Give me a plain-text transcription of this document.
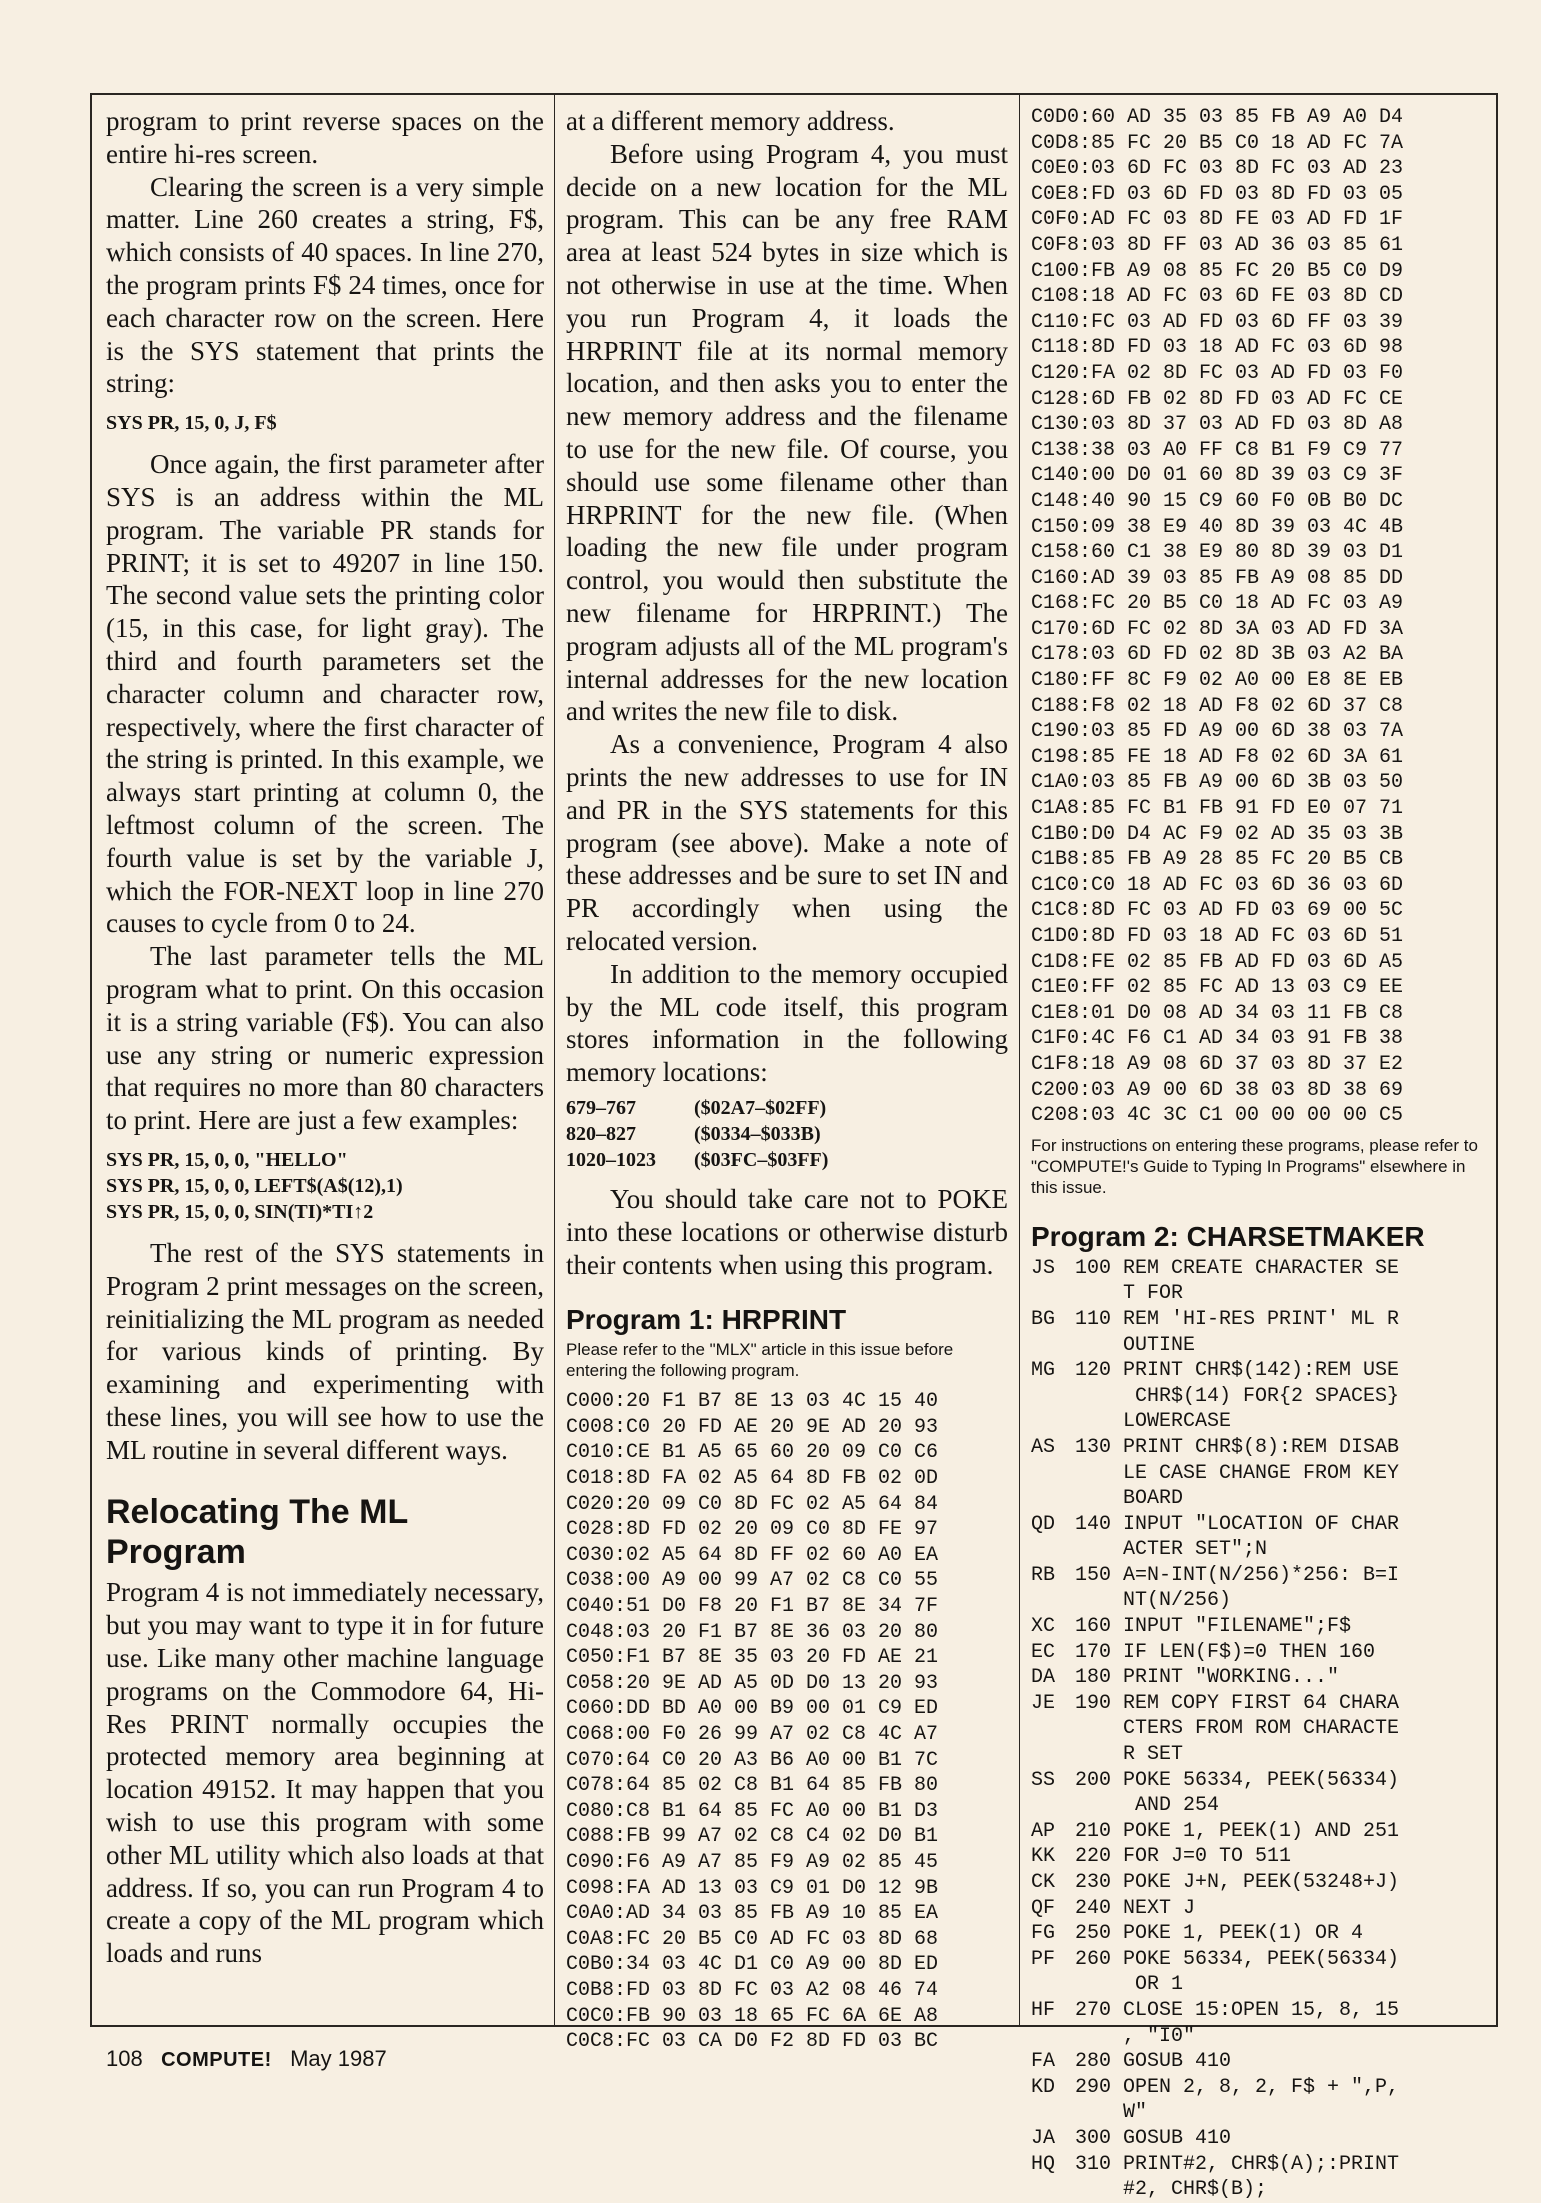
program to print reverse spaces on the entire hi-res screen.

Clearing the screen is a very simple matter. Line 260 creates a string, F$, which consists of 40 spaces. In line 270, the program prints F$ 24 times, once for each character row on the screen. Here is the SYS statement that prints the string:

SYS PR, 15, 0, J, F$

Once again, the first parameter after SYS is an address within the ML program. The variable PR stands for PRINT; it is set to 49207 in line 150. The second value sets the printing color (15, in this case, for light gray). The third and fourth parameters set the character column and character row, respectively, where the first character of the string is printed. In this example, we always start printing at column 0, the leftmost column of the screen. The fourth value is set by the variable J, which the FOR-NEXT loop in line 270 causes to cycle from 0 to 24.

The last parameter tells the ML program what to print. On this occasion it is a string variable (F$). You can also use any string or numeric expression that requires no more than 80 characters to print. Here are just a few examples:

SYS PR, 15, 0, 0, "HELLO"
SYS PR, 15, 0, 0, LEFT$(A$(12),1)
SYS PR, 15, 0, 0, SIN(TI)*TI↑2

The rest of the SYS statements in Program 2 print messages on the screen, reinitializing the ML program as needed for various kinds of printing. By examining and experimenting with these lines, you will see how to use the ML routine in several different ways.

Relocating The ML Program

Program 4 is not immediately necessary, but you may want to type it in for future use. Like many other machine language programs on the Commodore 64, Hi-Res PRINT normally occupies the protected memory area beginning at location 49152. It may happen that you wish to use this program with some other ML utility which also loads at that address. If so, you can run Program 4 to create a copy of the ML program which loads and runs

at a different memory address.

Before using Program 4, you must decide on a new location for the ML program. This can be any free RAM area at least 524 bytes in size which is not otherwise in use at the time. When you run Program 4, it loads the HRPRINT file at its normal memory location, and then asks you to enter the new memory address and the filename to use for the new file. Of course, you should use some filename other than HRPRINT for the new file. (When loading the new file under program control, you would then substitute the new filename for HRPRINT.) The program adjusts all of the ML program's internal addresses for the new location and writes the new file to disk.

As a convenience, Program 4 also prints the new addresses to use for IN and PR in the SYS statements for this program (see above). Make a note of these addresses and be sure to set IN and PR accordingly when using the relocated version.

In addition to the memory occupied by the ML code itself, this program stores information in the following memory locations:

679–767	($02A7–$02FF)
820–827	($0334–$033B)
1020–1023	($03FC–$03FF)

You should take care not to POKE into these locations or otherwise disturb their contents when using this program.

Program 1: HRPRINT
Please refer to the "MLX" article in this issue before entering the following program.
C000:20 F1 B7 8E 13 03 4C 15 40
C008:C0 20 FD AE 20 9E AD 20 93
C010:CE B1 A5 65 60 20 09 C0 C6
C018:8D FA 02 A5 64 8D FB 02 0D
C020:20 09 C0 8D FC 02 A5 64 84
C028:8D FD 02 20 09 C0 8D FE 97
C030:02 A5 64 8D FF 02 60 A0 EA
C038:00 A9 00 99 A7 02 C8 C0 55
C040:51 D0 F8 20 F1 B7 8E 34 7F
C048:03 20 F1 B7 8E 36 03 20 80
C050:F1 B7 8E 35 03 20 FD AE 21
C058:20 9E AD A5 0D D0 13 20 93
C060:DD BD A0 00 B9 00 01 C9 ED
C068:00 F0 26 99 A7 02 C8 4C A7
C070:64 C0 20 A3 B6 A0 00 B1 7C
C078:64 85 02 C8 B1 64 85 FB 80
C080:C8 B1 64 85 FC A0 00 B1 D3
C088:FB 99 A7 02 C8 C4 02 D0 B1
C090:F6 A9 A7 85 F9 A9 02 85 45
C098:FA AD 13 03 C9 01 D0 12 9B
C0A0:AD 34 03 85 FB A9 10 85 EA
C0A8:FC 20 B5 C0 AD FC 03 8D 68
C0B0:34 03 4C D1 C0 A9 00 8D ED
C0B8:FD 03 8D FC 03 A2 08 46 74
C0C0:FB 90 03 18 65 FC 6A 6E A8
C0C8:FC 03 CA D0 F2 8D FD 03 BC
C0D0:60 AD 35 03 85 FB A9 A0 D4
C0D8:85 FC 20 B5 C0 18 AD FC 7A
C0E0:03 6D FC 03 8D FC 03 AD 23
C0E8:FD 03 6D FD 03 8D FD 03 05
C0F0:AD FC 03 8D FE 03 AD FD 1F
C0F8:03 8D FF 03 AD 36 03 85 61
C100:FB A9 08 85 FC 20 B5 C0 D9
C108:18 AD FC 03 6D FE 03 8D CD
C110:FC 03 AD FD 03 6D FF 03 39
C118:8D FD 03 18 AD FC 03 6D 98
C120:FA 02 8D FC 03 AD FD 03 F0
C128:6D FB 02 8D FD 03 AD FC CE
C130:03 8D 37 03 AD FD 03 8D A8
C138:38 03 A0 FF C8 B1 F9 C9 77
C140:00 D0 01 60 8D 39 03 C9 3F
C148:40 90 15 C9 60 F0 0B B0 DC
C150:09 38 E9 40 8D 39 03 4C 4B
C158:60 C1 38 E9 80 8D 39 03 D1
C160:AD 39 03 85 FB A9 08 85 DD
C168:FC 20 B5 C0 18 AD FC 03 A9
C170:6D FC 02 8D 3A 03 AD FD 3A
C178:03 6D FD 02 8D 3B 03 A2 BA
C180:FF 8C F9 02 A0 00 E8 8E EB
C188:F8 02 18 AD F8 02 6D 37 C8
C190:03 85 FD A9 00 6D 38 03 7A
C198:85 FE 18 AD F8 02 6D 3A 61
C1A0:03 85 FB A9 00 6D 3B 03 50
C1A8:85 FC B1 FB 91 FD E0 07 71
C1B0:D0 D4 AC F9 02 AD 35 03 3B
C1B8:85 FB A9 28 85 FC 20 B5 CB
C1C0:C0 18 AD FC 03 6D 36 03 6D
C1C8:8D FC 03 AD FD 03 69 00 5C
C1D0:8D FD 03 18 AD FC 03 6D 51
C1D8:FE 02 85 FB AD FD 03 6D A5
C1E0:FF 02 85 FC AD 13 03 C9 EE
C1E8:01 D0 08 AD 34 03 11 FB C8
C1F0:4C F6 C1 AD 34 03 91 FB 38
C1F8:18 A9 08 6D 37 03 8D 37 E2
C200:03 A9 00 6D 38 03 8D 38 69
C208:03 4C 3C C1 00 00 00 00 C5
For instructions on entering these programs, please refer to "COMPUTE!'s Guide to Typing In Programs" elsewhere in this issue.
Program 2: CHARSETMAKER
JS 100 REM CREATE CHARACTER SE
T FOR
BG 110 REM 'HI-RES PRINT' ML R
OUTINE
MG 120 PRINT CHR$(142):REM USE
CHR$(14) FOR{2 SPACES}
LOWERCASE
AS 130 PRINT CHR$(8):REM DISAB
LE CASE CHANGE FROM KEY
BOARD
QD 140 INPUT "LOCATION OF CHAR
ACTER SET";N
RB 150 A=N-INT(N/256)*256: B=I
NT(N/256)
XC 160 INPUT "FILENAME";F$
EC 170 IF LEN(F$)=0 THEN 160
DA 180 PRINT "WORKING..."
JE 190 REM COPY FIRST 64 CHARA
CTERS FROM ROM CHARACTE
R SET
SS 200 POKE 56334, PEEK(56334)
AND 254
AP 210 POKE 1, PEEK(1) AND 251
KK 220 FOR J=0 TO 511
CK 230 POKE J+N, PEEK(53248+J)
QF 240 NEXT J
FG 250 POKE 1, PEEK(1) OR 4
PF 260 POKE 56334, PEEK(56334)
OR 1
HF 270 CLOSE 15:OPEN 15, 8, 15
, "I0"
FA 280 GOSUB 410
KD 290 OPEN 2, 8, 2, F$ + ",P,
W"
JA 300 GOSUB 410
HQ 310 PRINT#2, CHR$(A);:PRINT
#2, CHR$(B);
108 COMPUTE! May 1987
